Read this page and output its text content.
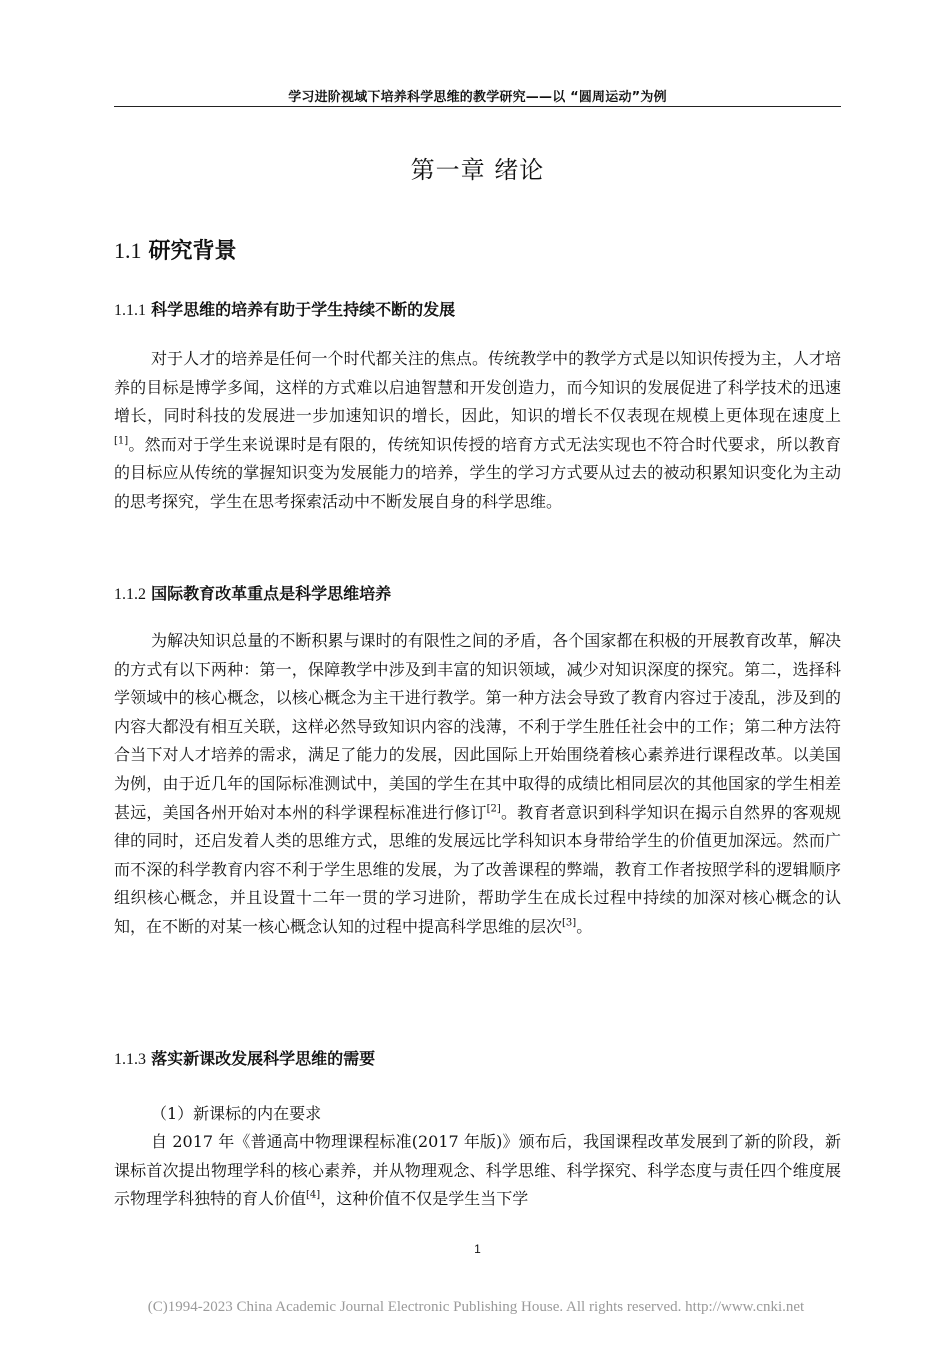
学习进阶视域下培养科学思维的教学研究——以 “圆周运动”为例
第一章 绪论
1.1 研究背景
1.1.1 科学思维的培养有助于学生持续不断的发展

对于人才的培养是任何一个时代都关注的焦点。传统教学中的教学方式是以知识传授为主，人才培养的目标是博学多闻，这样的方式难以启迪智慧和开发创造力，而今知识的发展促进了科学技术的迅速增长，同时科技的发展进一步加速知识的增长，因此，知识的增长不仅表现在规模上更体现在速度上[1]。然而对于学生来说课时是有限的，传统知识传授的培育方式无法实现也不符合时代要求，所以教育的目标应从传统的掌握知识变为发展能力的培养，学生的学习方式要从过去的被动积累知识变化为主动的思考探究，学生在思考探索活动中不断发展自身的科学思维。

1.1.2 国际教育改革重点是科学思维培养

为解决知识总量的不断积累与课时的有限性之间的矛盾，各个国家都在积极的开展教育改革，解决的方式有以下两种：第一，保障教学中涉及到丰富的知识领域，减少对知识深度的探究。第二，选择科学领域中的核心概念，以核心概念为主干进行教学。第一种方法会导致了教育内容过于凌乱，涉及到的内容大都没有相互关联，这样必然导致知识内容的浅薄，不利于学生胜任社会中的工作；第二种方法符合当下对人才培养的需求，满足了能力的发展，因此国际上开始围绕着核心素养进行课程改革。以美国为例，由于近几年的国际标准测试中，美国的学生在其中取得的成绩比相同层次的其他国家的学生相差甚远，美国各州开始对本州的科学课程标准进行修订[2]。教育者意识到科学知识在揭示自然界的客观规律的同时，还启发着人类的思维方式，思维的发展远比学科知识本身带给学生的价值更加深远。然而广而不深的科学教育内容不利于学生思维的发展，为了改善课程的弊端，教育工作者按照学科的逻辑顺序组织核心概念，并且设置十二年一贯的学习进阶，帮助学生在成长过程中持续的加深对核心概念的认知，在不断的对某一核心概念认知的过程中提高科学思维的层次[3]。

1.1.3 落实新课改发展科学思维的需要

（1）新课标的内在要求

自 2017 年《普通高中物理课程标准(2017 年版)》颁布后，我国课程改革发展到了新的阶段，新课标首次提出物理学科的核心素养，并从物理观念、科学思维、科学探究、科学态度与责任四个维度展示物理学科独特的育人价值[4]，这种价值不仅是学生当下学

1
(C)1994-2023 China Academic Journal Electronic Publishing House. All rights reserved. http://www.cnki.net
